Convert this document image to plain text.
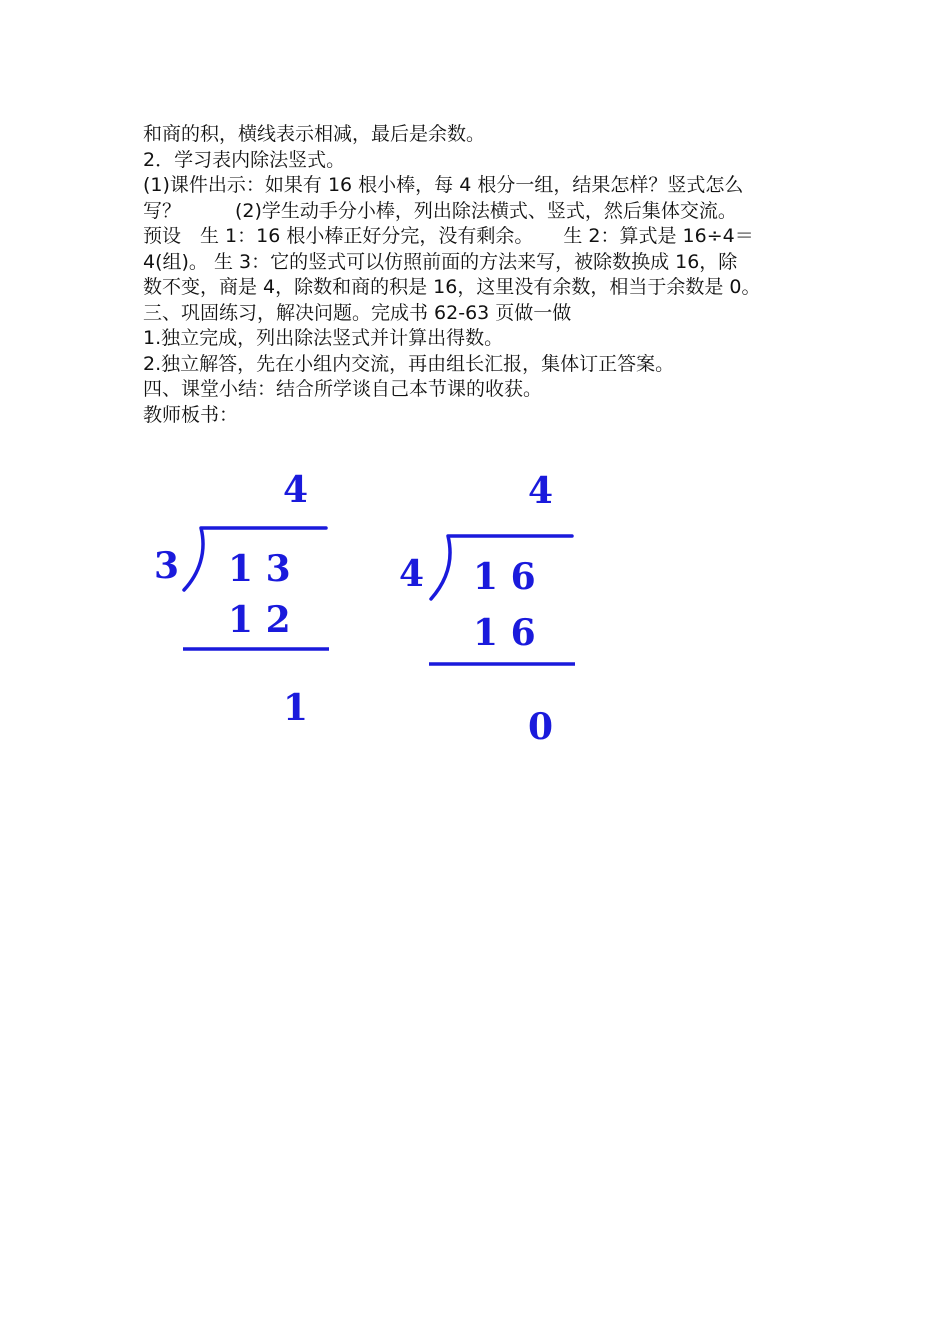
和商的积，横线表示相减，最后是余数。
2．学习表内除法竖式。
(1)课件出示：如果有 16 根小棒，每 4 根分一组，结果怎样？竖式怎么
写？	(2)学生动手分小棒，列出除法横式、竖式，然后集体交流。
预设　生 1：16 根小棒正好分完，没有剩余。 生 2：算式是 16÷4＝
4(组)。 生 3：它的竖式可以仿照前面的方法来写，被除数换成 16，除
数不变，商是 4，除数和商的积是 16，这里没有余数，相当于余数是 0。
三、巩固练习，解决问题。完成书 62-63 页做一做
1.独立完成，列出除法竖式并计算出得数。
2.独立解答，先在小组内交流，再由组长汇报，集体订正答案。
四、课堂小结：结合所学谈自己本节课的收获。
教师板书：
4
3 1 3
1 2
1
4
4 1 6
1 6
0
